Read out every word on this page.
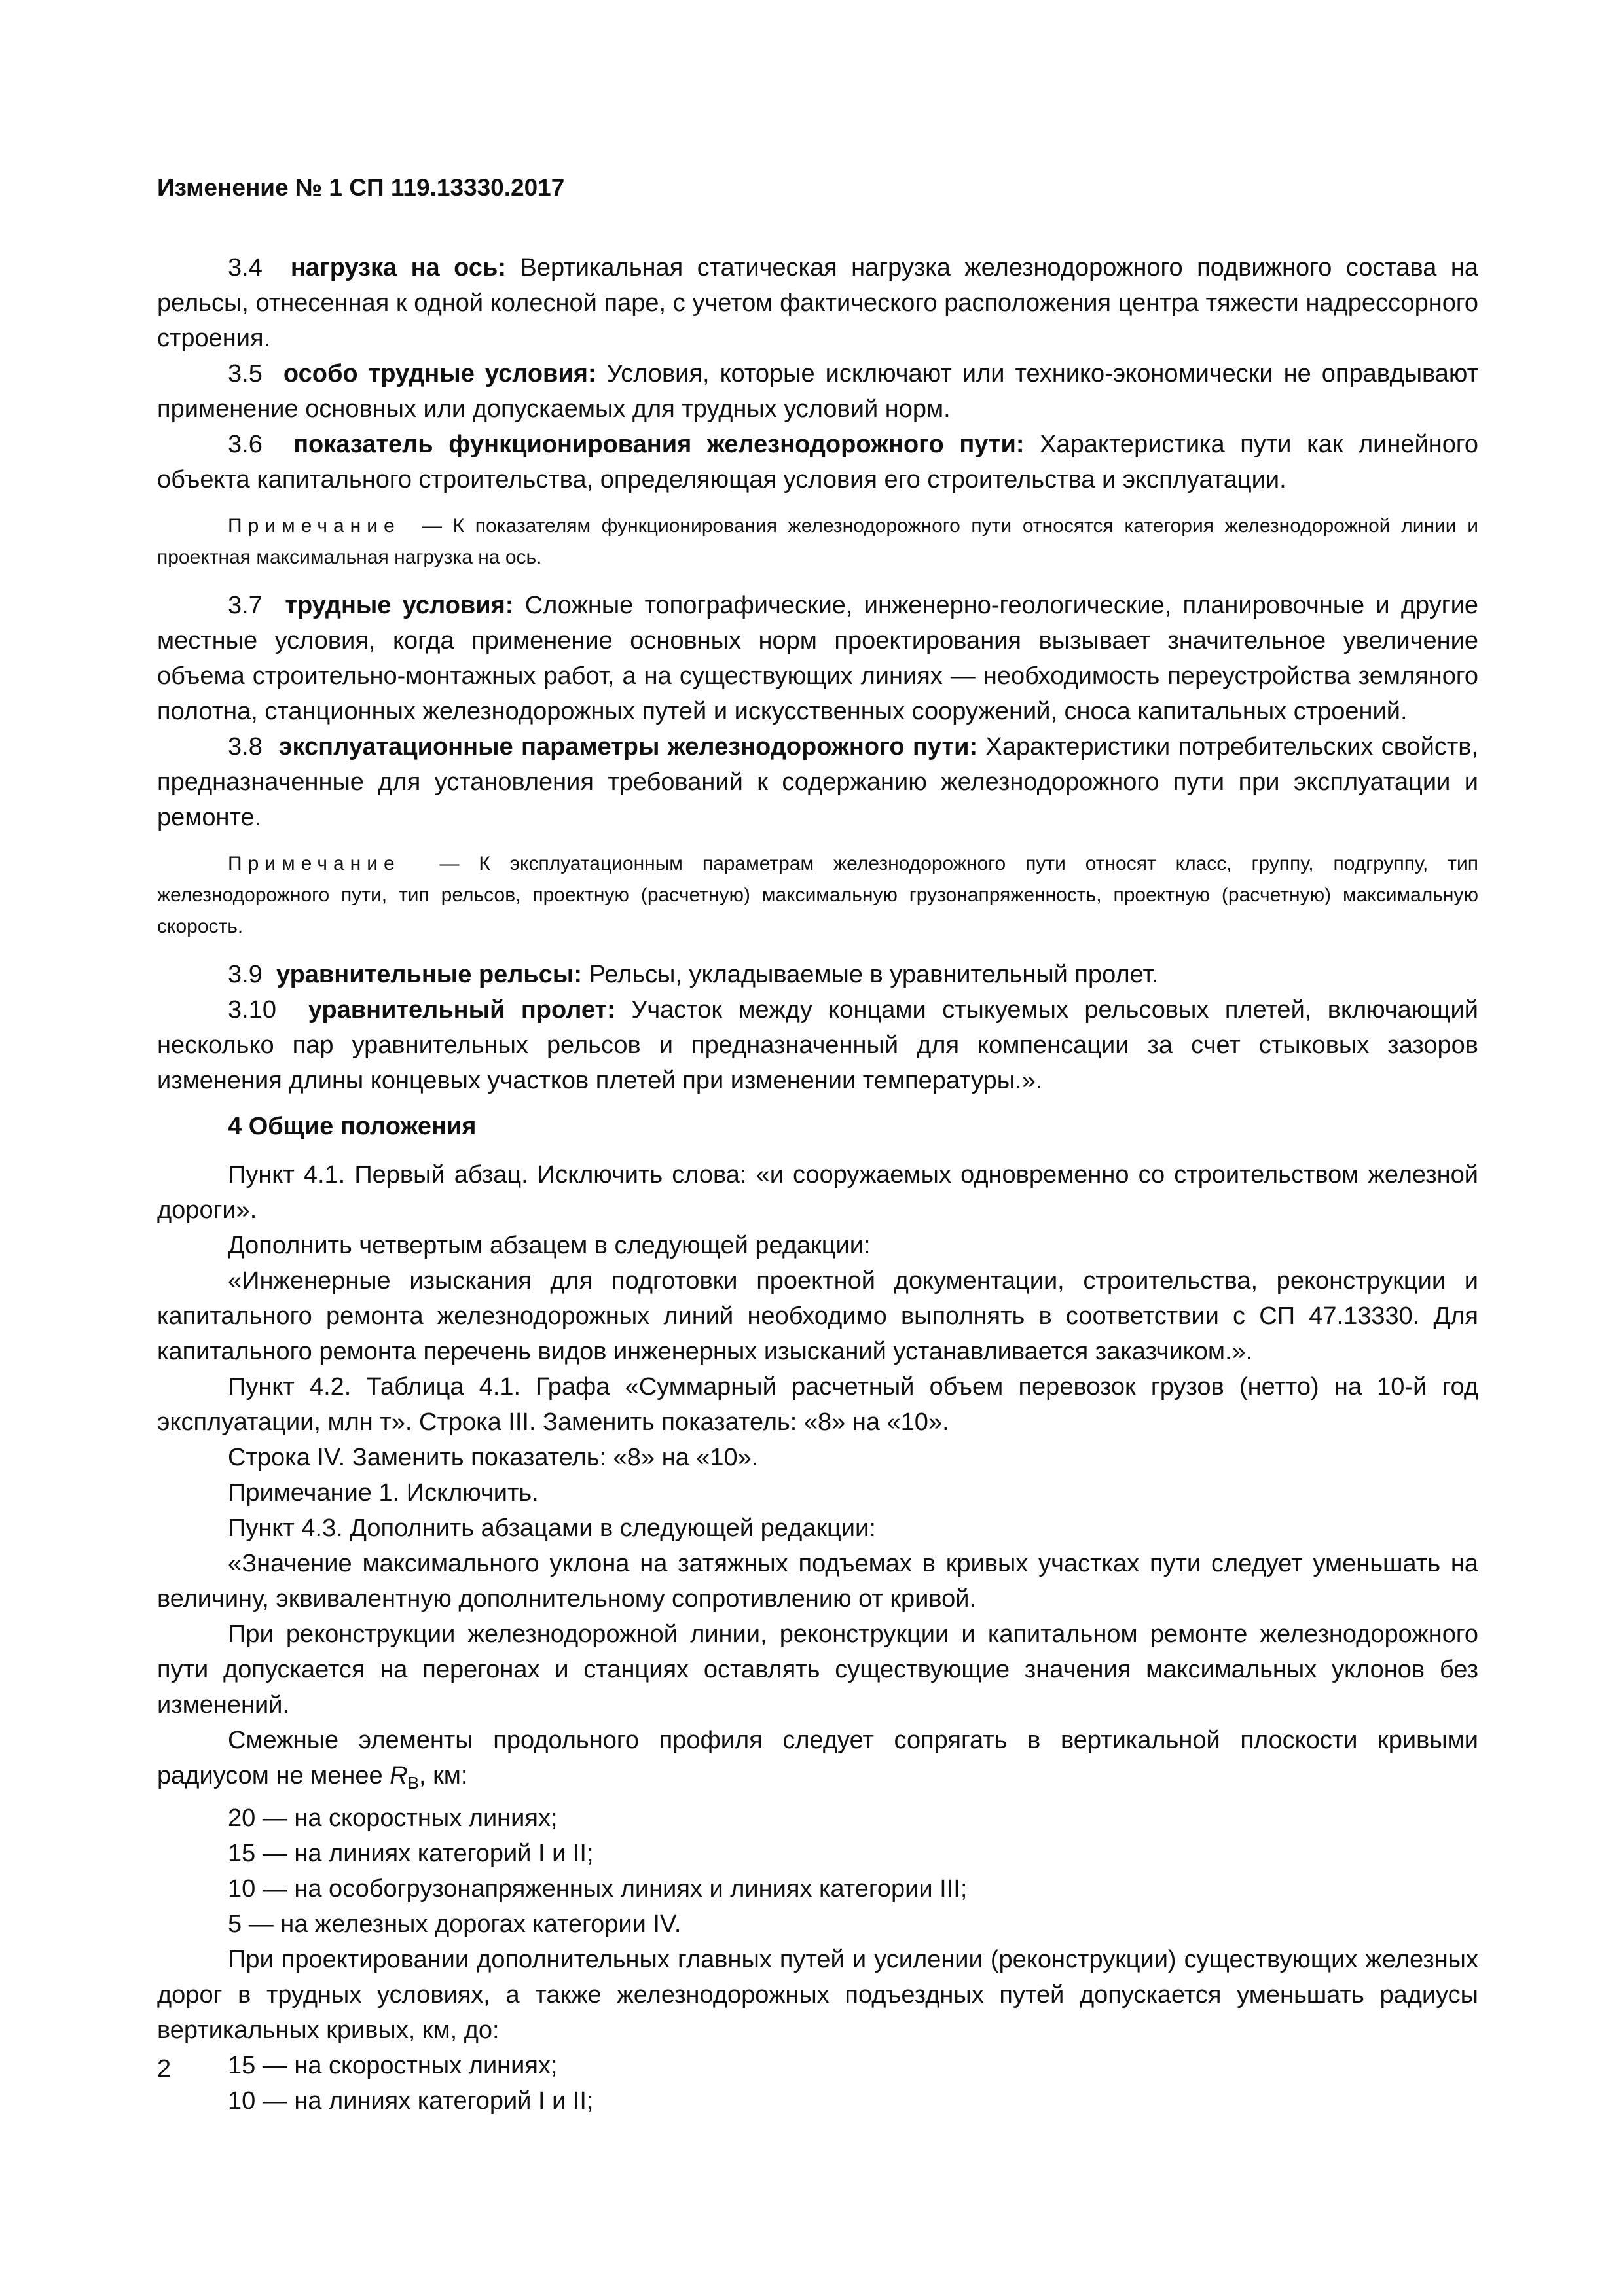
Изменение № 1 СП 119.13330.2017

3.4 нагрузка на ось: Вертикальная статическая нагрузка железнодорожного подвижного состава на рельсы, отнесенная к одной колесной паре, с учетом фактического расположения центра тяжести надрессорного строения.

3.5 особо трудные условия: Условия, которые исключают или технико-экономически не оправдывают применение основных или допускаемых для трудных условий норм.

3.6 показатель функционирования железнодорожного пути: Характеристика пути как линейного объекта капитального строительства, определяющая условия его строительства и эксплуатации.

Примечание — К показателям функционирования железнодорожного пути относятся категория железнодорожной линии и проектная максимальная нагрузка на ось.

3.7 трудные условия: Сложные топографические, инженерно-геологические, планировочные и другие местные условия, когда применение основных норм проектирования вызывает значительное увеличение объема строительно-монтажных работ, а на существующих линиях — необходимость переустройства земляного полотна, станционных железнодорожных путей и искусственных сооружений, сноса капитальных строений.

3.8 эксплуатационные параметры железнодорожного пути: Характеристики потребительских свойств, предназначенные для установления требований к содержанию железнодорожного пути при эксплуатации и ремонте.

Примечание — К эксплуатационным параметрам железнодорожного пути относят класс, группу, подгруппу, тип железнодорожного пути, тип рельсов, проектную (расчетную) максимальную грузонапряженность, проектную (расчетную) максимальную скорость.

3.9 уравнительные рельсы: Рельсы, укладываемые в уравнительный пролет.

3.10 уравнительный пролет: Участок между концами стыкуемых рельсовых плетей, включающий несколько пар уравнительных рельсов и предназначенный для компенсации за счет стыковых зазоров изменения длины концевых участков плетей при изменении температуры.».

4 Общие положения

Пункт 4.1. Первый абзац. Исключить слова: «и сооружаемых одновременно со строительством железной дороги».

Дополнить четвертым абзацем в следующей редакции:

«Инженерные изыскания для подготовки проектной документации, строительства, реконструкции и капитального ремонта железнодорожных линий необходимо выполнять в соответствии с СП 47.13330. Для капитального ремонта перечень видов инженерных изысканий устанавливается заказчиком.».

Пункт 4.2. Таблица 4.1. Графа «Суммарный расчетный объем перевозок грузов (нетто) на 10-й год эксплуатации, млн т». Строка III. Заменить показатель: «8» на «10».

Строка IV. Заменить показатель: «8» на «10».

Примечание 1. Исключить.

Пункт 4.3. Дополнить абзацами в следующей редакции:

«Значение максимального уклона на затяжных подъемах в кривых участках пути следует уменьшать на величину, эквивалентную дополнительному сопротивлению от кривой.

При реконструкции железнодорожной линии, реконструкции и капитальном ремонте железнодорожного пути допускается на перегонах и станциях оставлять существующие значения максимальных уклонов без изменений.

Смежные элементы продольного профиля следует сопрягать в вертикальной плоскости кривыми радиусом не менее $R_В$, км:

20 — на скоростных линиях;

15 — на линиях категорий I и II;

10 — на особогрузонапряженных линиях и линиях категории III;

5 — на железных дорогах категории IV.

При проектировании дополнительных главных путей и усилении (реконструкции) существующих железных дорог в трудных условиях, а также железнодорожных подъездных путей допускается уменьшать радиусы вертикальных кривых, км, до:

15 — на скоростных линиях;

10 — на линиях категорий I и II;

2
